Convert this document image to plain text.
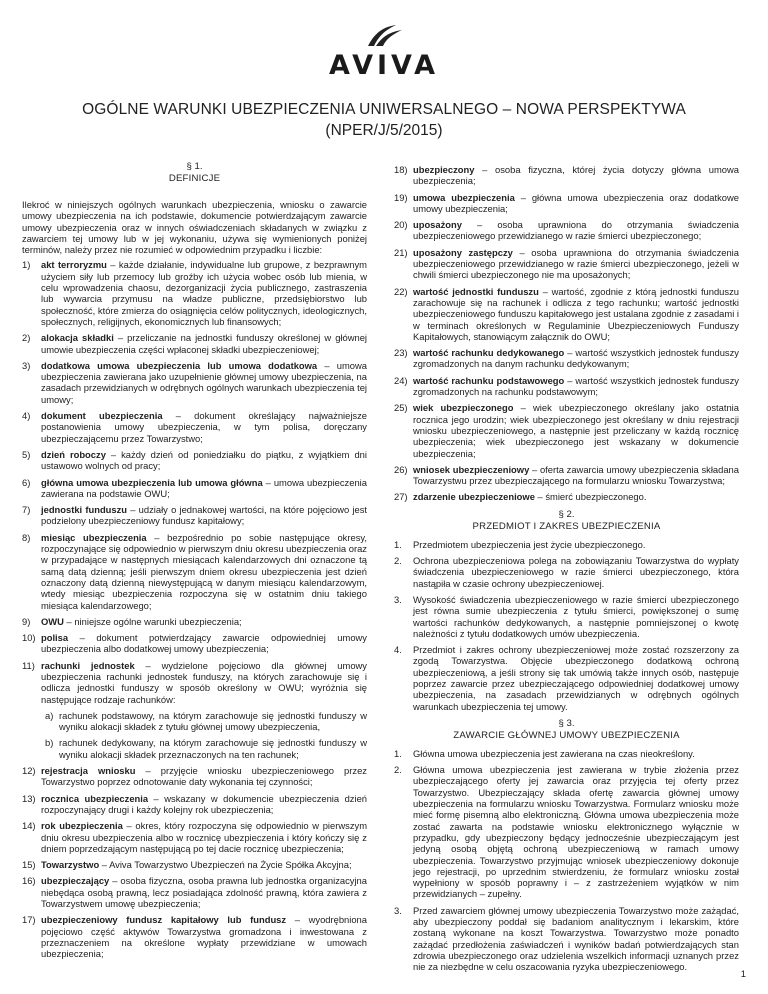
AVIVA
OGÓLNE WARUNKI UBEZPIECZENIA UNIWERSALNEGO – NOWA PERSPEKTYWA
(NPER/J/5/2015)
§ 1.
DEFINICJE

Ilekroć w niniejszych ogólnych warunkach ubezpieczenia, wniosku o zawarcie umowy ubezpieczenia na ich podstawie, dokumencie potwierdzającym zawarcie umowy ubezpieczenia oraz w innych oświadczeniach składanych w związku z zawarciem tej umowy lub w jej wykonaniu, używa się wymienionych poniżej terminów, należy przez nie rozumieć w odpowiednim przypadku i liczbie:

1) akt terroryzmu – każde działanie, indywidualne lub grupowe, z bezprawnym użyciem siły lub przemocy lub groźby ich użycia wobec osób lub mienia, w celu wprowadzenia chaosu, dezorganizacji życia publicznego, zastraszenia lub wywarcia przymusu na władze publiczne, przedsiębiorstwo lub społeczność, które zmierza do osiągnięcia celów politycznych, ideologicznych, społecznych, religijnych, ekonomicznych lub finansowych;
2) alokacja składki – przeliczanie na jednostki funduszy określonej w głównej umowie ubezpieczenia części wpłaconej składki ubezpieczeniowej;
3) dodatkowa umowa ubezpieczenia lub umowa dodatkowa – umowa ubezpieczenia zawierana jako uzupełnienie głównej umowy ubezpieczenia, na zasadach przewidzianych w odrębnych ogólnych warunkach ubezpieczenia tej umowy;
4) dokument ubezpieczenia – dokument określający najważniejsze postanowienia umowy ubezpieczenia, w tym polisa, doręczany ubezpieczającemu przez Towarzystwo;
5) dzień roboczy – każdy dzień od poniedziałku do piątku, z wyjątkiem dni ustawowo wolnych od pracy;
6) główna umowa ubezpieczenia lub umowa główna – umowa ubezpieczenia zawierana na podstawie OWU;
7) jednostki funduszu – udziały o jednakowej wartości, na które pojęciowo jest podzielony ubezpieczeniowy fundusz kapitałowy;
8) miesiąc ubezpieczenia – bezpośrednio po sobie następujące okresy, rozpoczynające się odpowiednio w pierwszym dniu okresu ubezpieczenia oraz w przypadające w następnych miesiącach kalendarzowych dni oznaczone tą samą datą dzienną; jeśli pierwszym dniem okresu ubezpieczenia jest dzień oznaczony datą dzienną niewystępującą w danym miesiącu kalendarzowym, wtedy miesiąc ubezpieczenia rozpoczyna się w ostatnim dniu takiego miesiąca kalendarzowego;
9) OWU – niniejsze ogólne warunki ubezpieczenia;
10) polisa – dokument potwierdzający zawarcie odpowiedniej umowy ubezpieczenia albo dodatkowej umowy ubezpieczenia;
11) rachunki jednostek – wydzielone pojęciowo dla głównej umowy ubezpieczenia rachunki jednostek funduszy, na których zarachowuje się i odlicza jednostki funduszy w sposób określony w OWU; wyróżnia się następujące rodzaje rachunków:
a) rachunek podstawowy, na którym zarachowuje się jednostki funduszy w wyniku alokacji składek z tytułu głównej umowy ubezpieczenia,
b) rachunek dedykowany, na którym zarachowuje się jednostki funduszy w wyniku alokacji składek przeznaczonych na ten rachunek;
12) rejestracja wniosku – przyjęcie wniosku ubezpieczeniowego przez Towarzystwo poprzez odnotowanie daty wykonania tej czynności;
13) rocznica ubezpieczenia – wskazany w dokumencie ubezpieczenia dzień rozpoczynający drugi i każdy kolejny rok ubezpieczenia;
14) rok ubezpieczenia – okres, który rozpoczyna się odpowiednio w pierwszym dniu okresu ubezpieczenia albo w rocznicę ubezpieczenia i który kończy się z dniem poprzedzającym następującą po tej dacie rocznicę ubezpieczenia;
15) Towarzystwo – Aviva Towarzystwo Ubezpieczeń na Życie Spółka Akcyjna;
16) ubezpieczający – osoba fizyczna, osoba prawna lub jednostka organizacyjna niebędąca osobą prawną, lecz posiadająca zdolność prawną, która zawiera z Towarzystwem umowę ubezpieczenia;
17) ubezpieczeniowy fundusz kapitałowy lub fundusz – wyodrębniona pojęciowo część aktywów Towarzystwa gromadzona i inwestowana z przeznaczeniem na określone wypłaty przewidziane w umowach ubezpieczenia;
18) ubezpieczony – osoba fizyczna, której życia dotyczy główna umowa ubezpieczenia;
19) umowa ubezpieczenia – główna umowa ubezpieczenia oraz dodatkowe umowy ubezpieczenia;
20) uposażony – osoba uprawniona do otrzymania świadczenia ubezpieczeniowego przewidzianego w razie śmierci ubezpieczonego;
21) uposażony zastępczy – osoba uprawniona do otrzymania świadczenia ubezpieczeniowego przewidzianego w razie śmierci ubezpieczonego, jeżeli w chwili śmierci ubezpieczonego nie ma uposażonych;
22) wartość jednostki funduszu – wartość, zgodnie z którą jednostki funduszu zarachowuje się na rachunek i odlicza z tego rachunku; wartość jednostki ubezpieczeniowego funduszu kapitałowego jest ustalana zgodnie z zasadami i w terminach określonych w Regulaminie Ubezpieczeniowych Funduszy Kapitałowych, stanowiącym załącznik do OWU;
23) wartość rachunku dedykowanego – wartość wszystkich jednostek funduszy zgromadzonych na danym rachunku dedykowanym;
24) wartość rachunku podstawowego – wartość wszystkich jednostek funduszy zgromadzonych na rachunku podstawowym;
25) wiek ubezpieczonego – wiek ubezpieczonego określany jako ostatnia rocznica jego urodzin; wiek ubezpieczonego jest określany w dniu rejestracji wniosku ubezpieczeniowego, a następnie jest przeliczany w każdą rocznicę ubezpieczenia; wiek ubezpieczonego jest wskazany w dokumencie ubezpieczenia;
26) wniosek ubezpieczeniowy – oferta zawarcia umowy ubezpieczenia składana Towarzystwu przez ubezpieczającego na formularzu wniosku Towarzystwa;
27) zdarzenie ubezpieczeniowe – śmierć ubezpieczonego.
§ 2.
PRZEDMIOT I ZAKRES UBEZPIECZENIA
1. Przedmiotem ubezpieczenia jest życie ubezpieczonego.
2. Ochrona ubezpieczeniowa polega na zobowiązaniu Towarzystwa do wypłaty świadczenia ubezpieczeniowego w razie śmierci ubezpieczonego, która nastąpiła w czasie ochrony ubezpieczeniowej.
3. Wysokość świadczenia ubezpieczeniowego w razie śmierci ubezpieczonego jest równa sumie ubezpieczenia z tytułu śmierci, powiększonej o sumę wartości rachunków dedykowanych, a następnie pomniejszonej o kwotę należności z tytułu dodatkowych umów ubezpieczenia.
4. Przedmiot i zakres ochrony ubezpieczeniowej może zostać rozszerzony za zgodą Towarzystwa. Objęcie ubezpieczonego dodatkową ochroną ubezpieczeniową, a jeśli strony się tak umówią także innych osób, następuje poprzez zawarcie przez ubezpieczającego odpowiedniej dodatkowej umowy ubezpieczenia, na zasadach przewidzianych w odrębnych ogólnych warunkach ubezpieczenia tej umowy.
§ 3.
ZAWARCIE GŁÓWNEJ UMOWY UBEZPIECZENIA
1. Główna umowa ubezpieczenia jest zawierana na czas nieokreślony.
2. Główna umowa ubezpieczenia jest zawierana w trybie złożenia przez ubezpieczającego oferty jej zawarcia oraz przyjęcia tej oferty przez Towarzystwo. Ubezpieczający składa ofertę zawarcia głównej umowy ubezpieczenia na formularzu wniosku Towarzystwa. Formularz wniosku może mieć formę pisemną albo elektroniczną. Główna umowa ubezpieczenia może zostać zawarta na podstawie wniosku elektronicznego wyłącznie w przypadku, gdy ubezpieczony będący jednocześnie ubezpieczającym jest jedyną osobą objętą ochroną ubezpieczeniową w ramach umowy ubezpieczenia. Towarzystwo przyjmując wniosek ubezpieczeniowy dokonuje jego rejestracji, po uprzednim stwierdzeniu, że formularz wniosku został wypełniony w sposób poprawny i – z zastrzeżeniem wyjątków w nim przewidzianych – zupełny.
3. Przed zawarciem głównej umowy ubezpieczenia Towarzystwo może zażądać, aby ubezpieczony poddał się badaniom analitycznym i lekarskim, które zostaną wykonane na koszt Towarzystwa. Towarzystwo może ponadto zażądać przedłożenia zaświadczeń i wyników badań potwierdzających stan zdrowia ubezpieczonego oraz udzielenia wszelkich informacji uznanych przez nie za niezbędne w celu oszacowania ryzyka ubezpieczeniowego.
1
